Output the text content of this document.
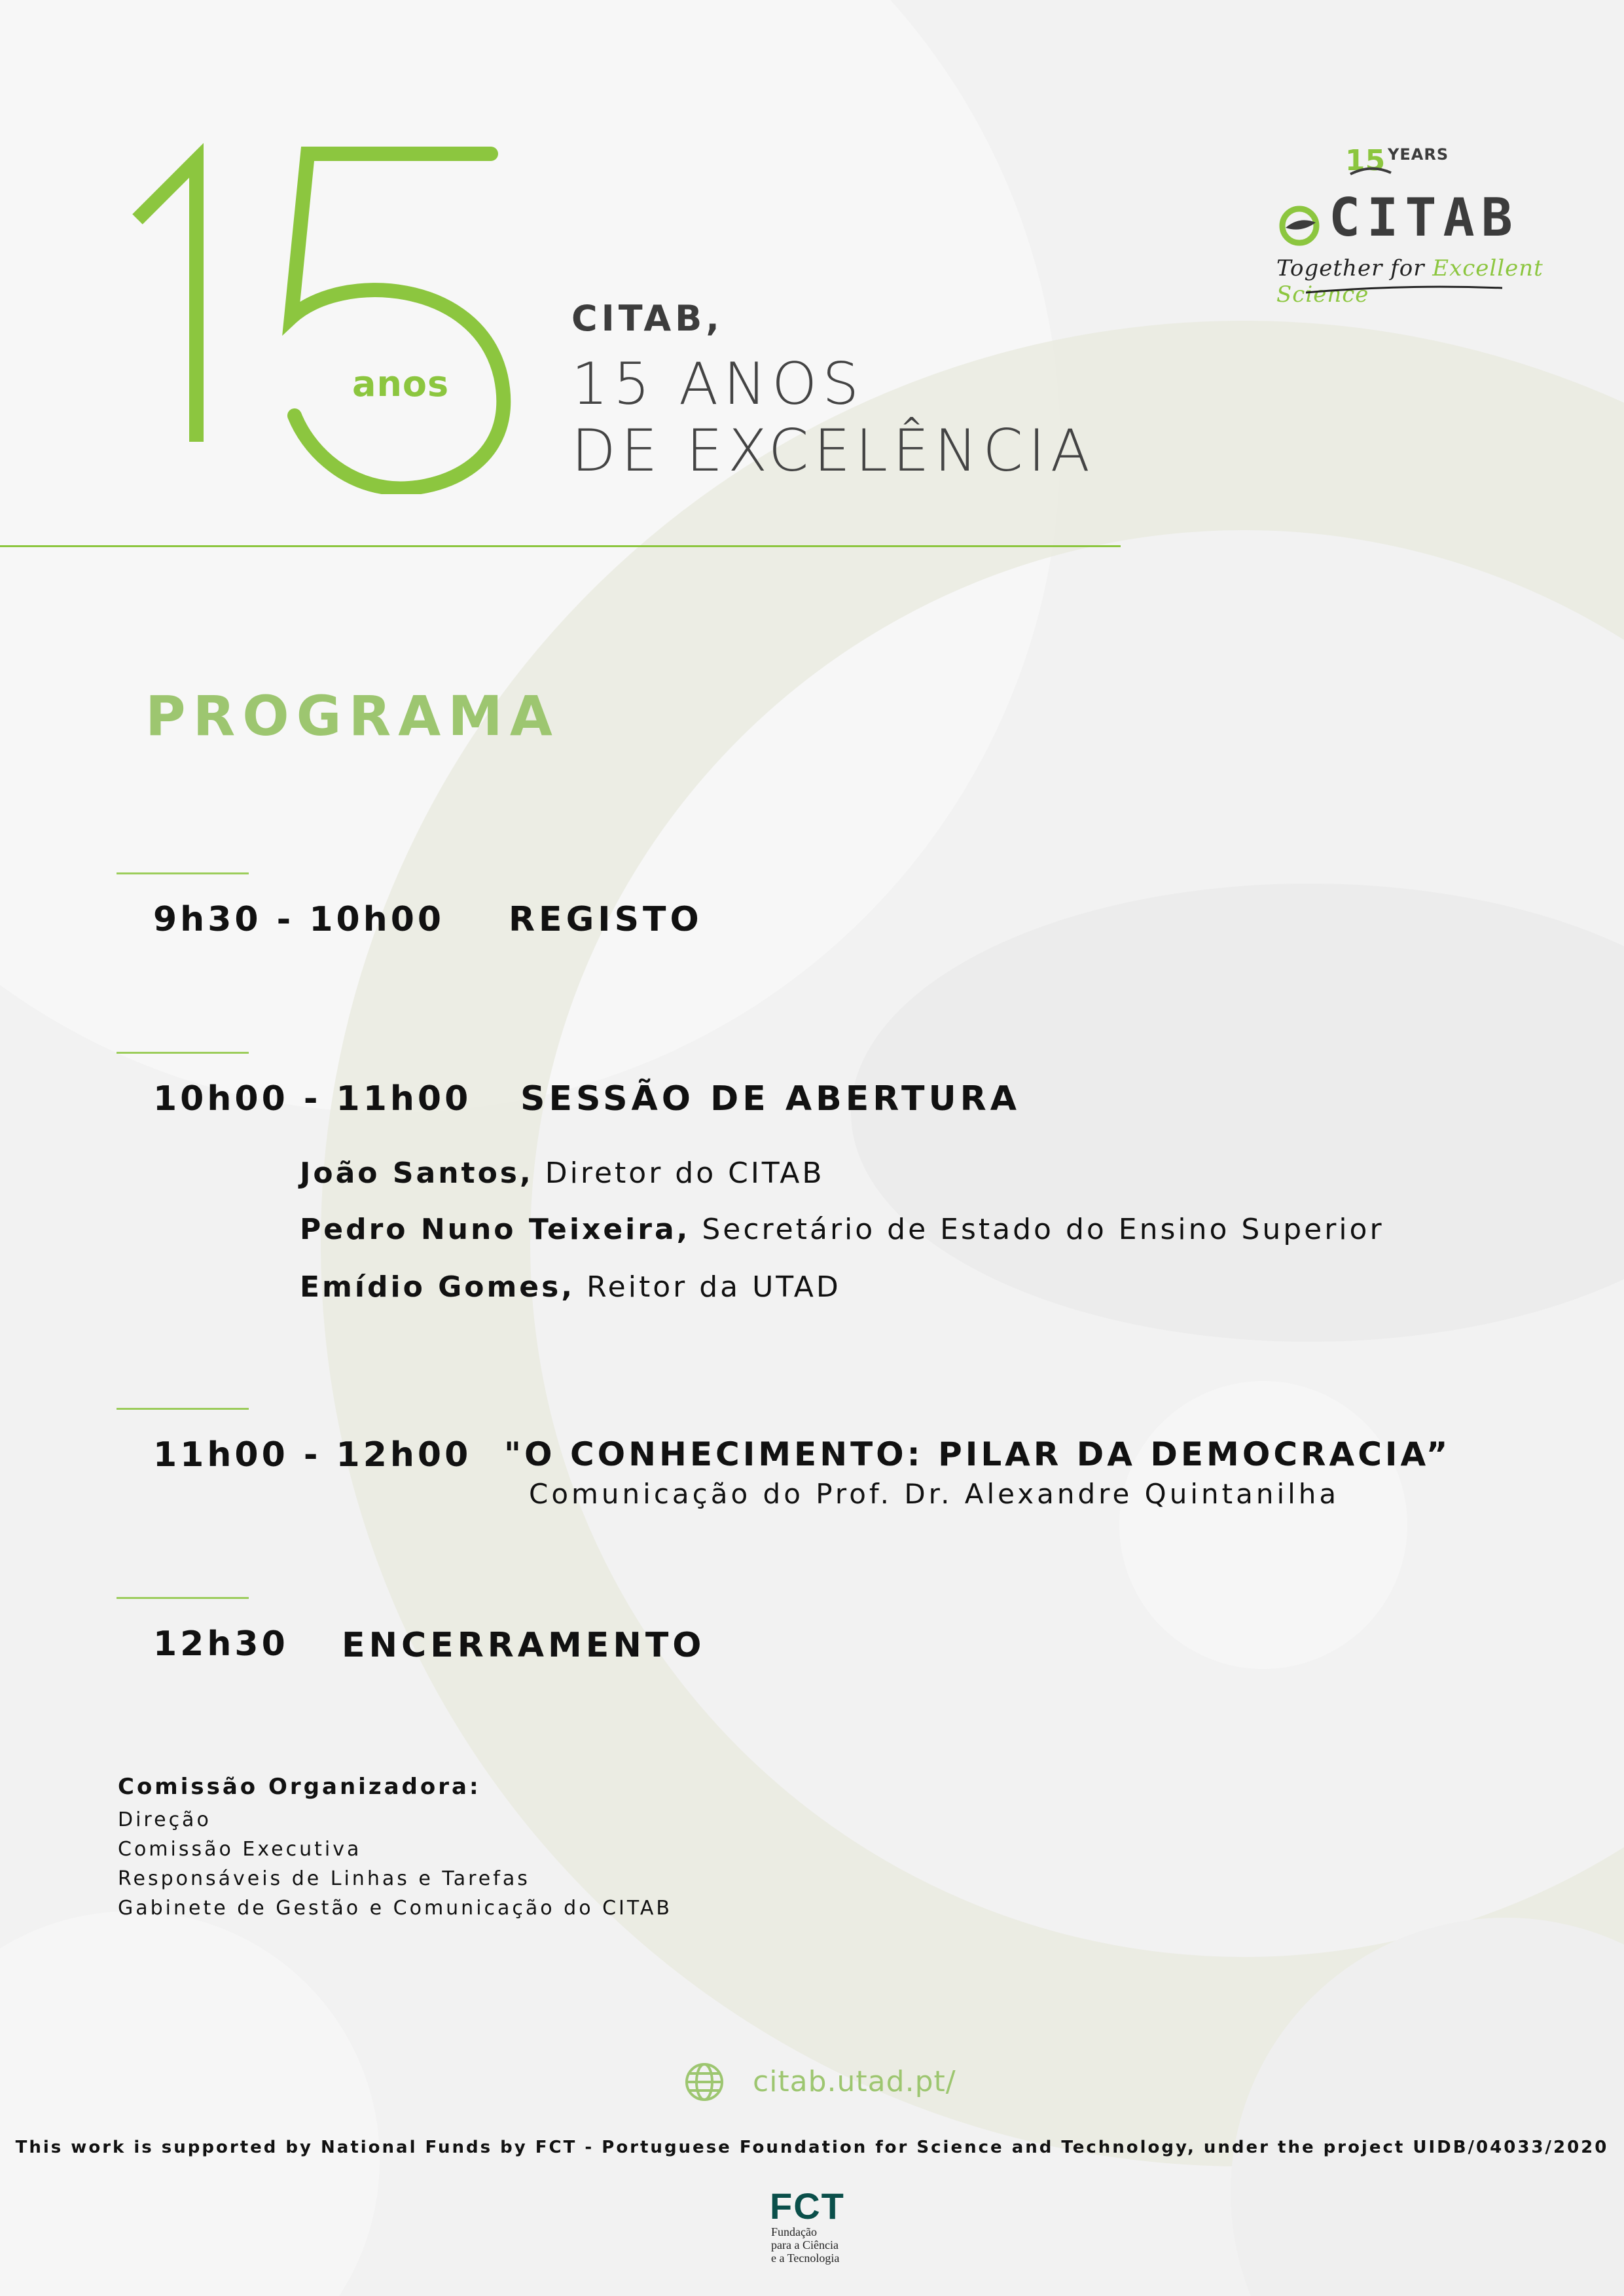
anos
CITAB,
15 ANOS
DE EXCELÊNCIA
15 YEARS
CITAB
Together for Excellent Science
PROGRAMA
9h30 - 10h00 REGISTO
10h00 - 11h00 SESSÃO DE ABERTURA
João Santos, Diretor do CITAB
Pedro Nuno Teixeira, Secretário de Estado do Ensino Superior
Emídio Gomes, Reitor da UTAD
11h00 - 12h00 "O CONHECIMENTO: PILAR DA DEMOCRACIA”
Comunicação do Prof. Dr. Alexandre Quintanilha
12h30 ENCERRAMENTO
Comissão Organizadora:
Direção
Comissão Executiva
Responsáveis de Linhas e Tarefas
Gabinete de Gestão e Comunicação do CITAB
citab.utad.pt/
This work is supported by National Funds by FCT - Portuguese Foundation for Science and Technology, under the project UIDB/04033/2020
FCT
Fundação
para a Ciência
e a Tecnologia
